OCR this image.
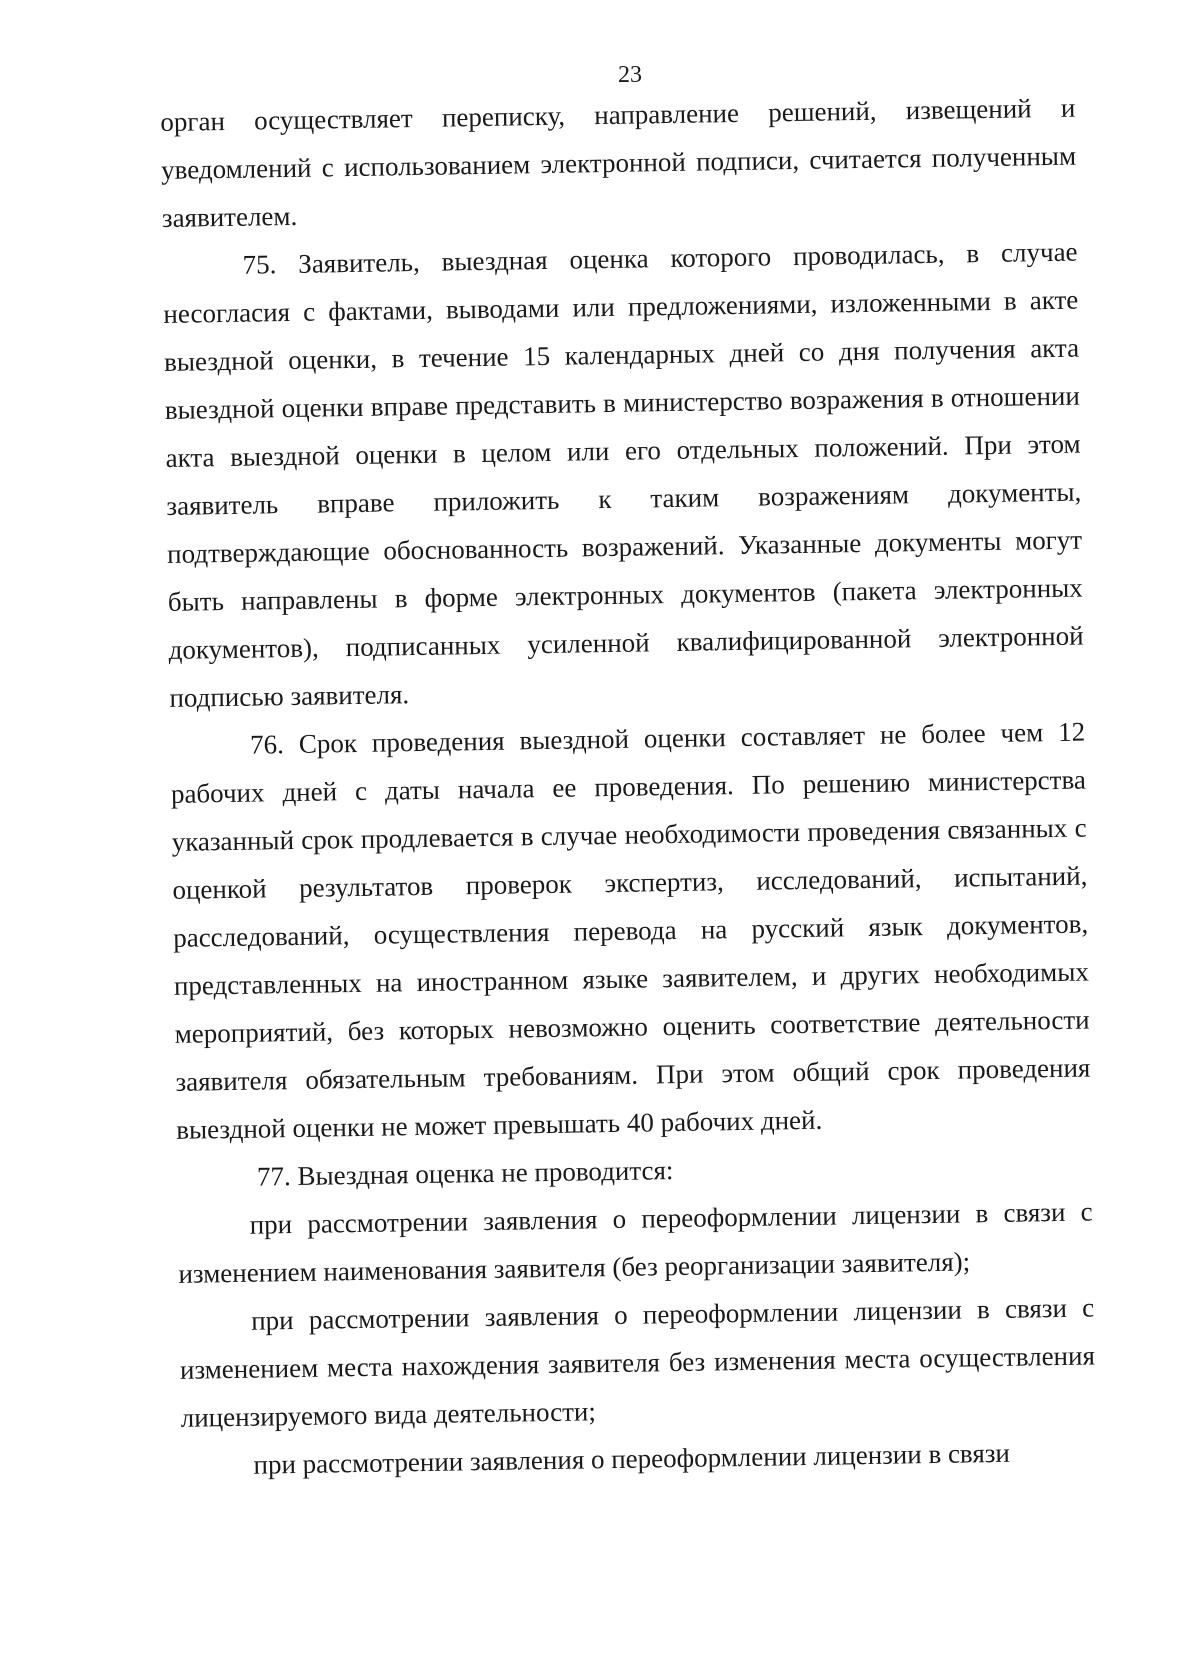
23

орган осуществляет переписку, направление решений, извещений и уведомлений с использованием электронной подписи, считается полученным заявителем.

75. Заявитель, выездная оценка которого проводилась, в случае несогласия с фактами, выводами или предложениями, изложенными в акте выездной оценки, в течение 15 календарных дней со дня получения акта выездной оценки вправе представить в министерство возражения в отношении акта выездной оценки в целом или его отдельных положений. При этом заявитель вправе приложить к таким возражениям документы, подтверждающие обоснованность возражений. Указанные документы могут быть направлены в форме электронных документов (пакета электронных документов), подписанных усиленной квалифицированной электронной подписью заявителя.

76. Срок проведения выездной оценки составляет не более чем 12 рабочих дней с даты начала ее проведения. По решению министерства указанный срок продлевается в случае необходимости проведения связанных с оценкой результатов проверок экспертиз, исследований, испытаний, расследований, осуществления перевода на русский язык документов, представленных на иностранном языке заявителем, и других необходимых мероприятий, без которых невозможно оценить соответствие деятельности заявителя обязательным требованиям. При этом общий срок проведения выездной оценки не может превышать 40 рабочих дней.

77. Выездная оценка не проводится:

при рассмотрении заявления о переоформлении лицензии в связи с изменением наименования заявителя (без реорганизации заявителя);

при рассмотрении заявления о переоформлении лицензии в связи с изменением места нахождения заявителя без изменения места осуществления лицензируемого вида деятельности;

при рассмотрении заявления о переоформлении лицензии в связи
